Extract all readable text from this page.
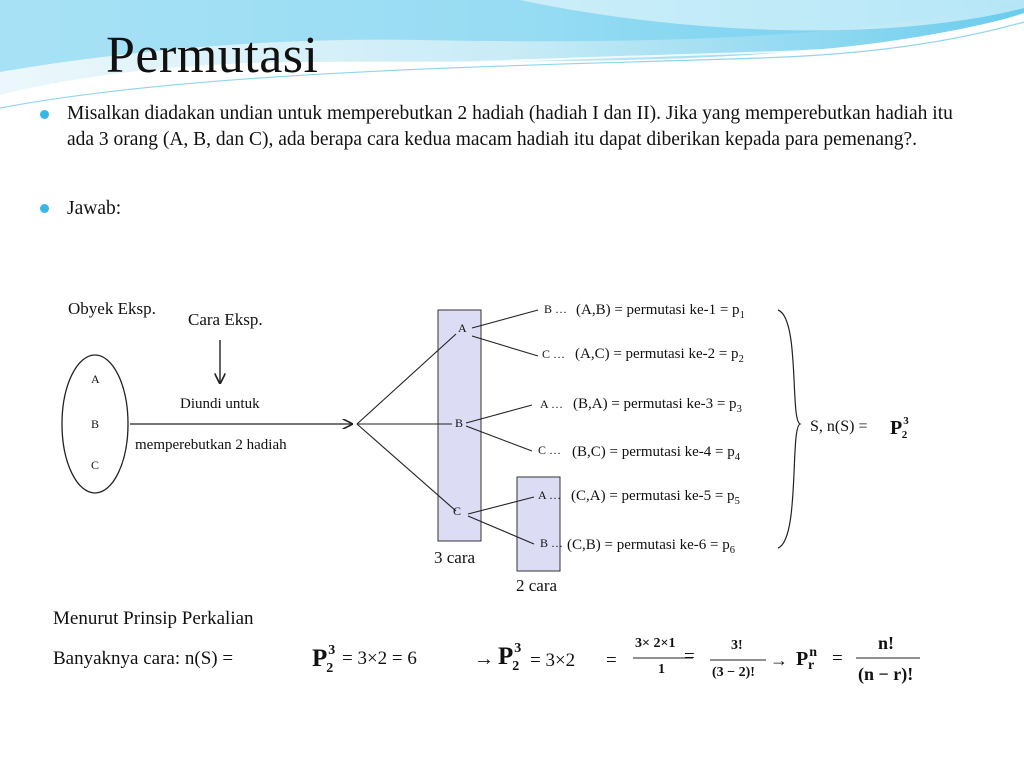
Permutasi
Misalkan diadakan undian untuk memperebutkan 2 hadiah (hadiah I dan II). Jika yang memperebutkan hadiah itu ada 3 orang (A, B, dan C), ada berapa cara kedua macam hadiah itu dapat diberikan kepada para pemenang?.
Jawab:
Obyek Eksp.
A
B
C
Cara Eksp.
Diundi untuk
memperebutkan 2 hadiah
A
B
C
3 cara
2 cara
B … (A,B) = permutasi $ke-1 = p_1$
C … (A,C) = permutasi $ke-2 = p_2$
A … (B,A) = permutasi $ke-3 = p_3$
C … (B,C) = permutasi $ke-4 = p_4$
A … (C,A) = permutasi $ke-5 = p_5$
B … (C,B) = permutasi $ke-6 = p_6$
S, $n(S) = P^3_2$
Menurut Prinsip Perkalian
Banyaknya cara: n(S) =	$P^3_2 = 3\times 2 = 6$	→ $P^3_2 = 3\times 2$ =
3× 2×1
1
=
3!
(3 − 2)!
→ $P^n_r$ =
n!
(n − r)!
